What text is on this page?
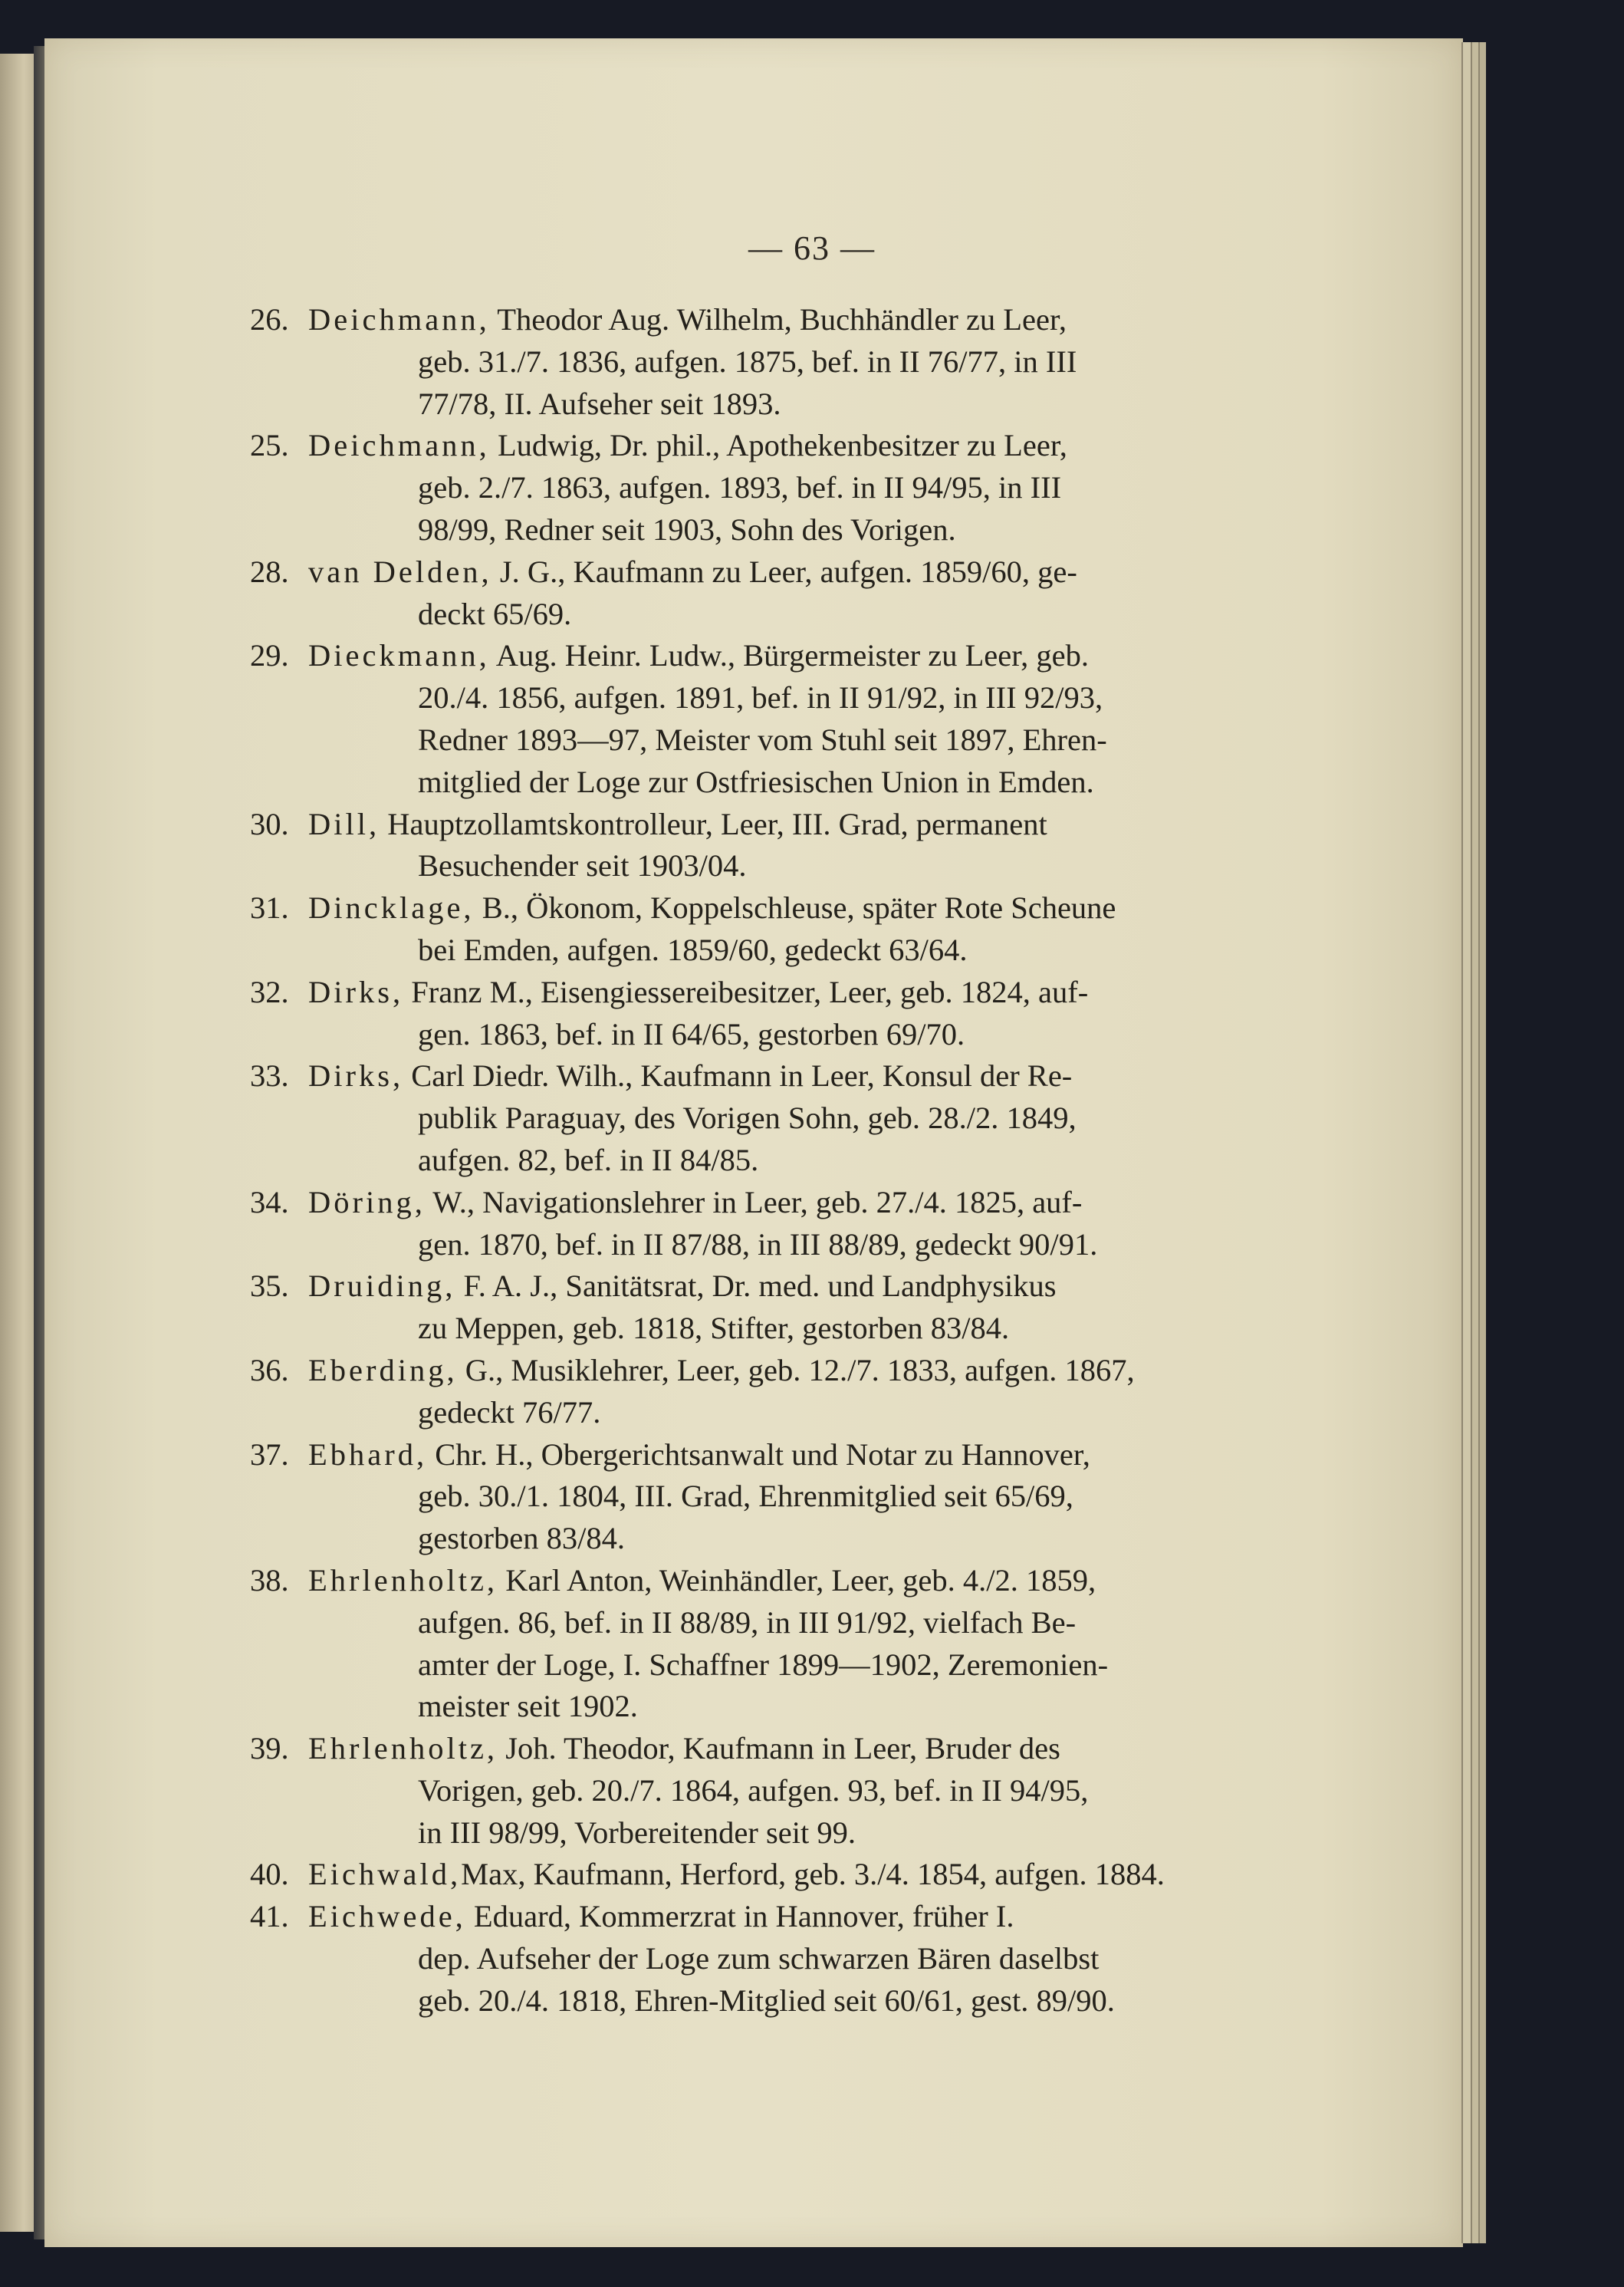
— 63 —
26. Deichmann, Theodor Aug. Wilhelm, Buchhändler zu Leer,
geb. 31./7. 1836, aufgen. 1875, bef. in II 76/77, in III
77/78, II. Aufseher seit 1893.
25. Deichmann, Ludwig, Dr. phil., Apothekenbesitzer zu Leer,
geb. 2./7. 1863, aufgen. 1893, bef. in II 94/95, in III
98/99, Redner seit 1903, Sohn des Vorigen.
28. van Delden, J. G., Kaufmann zu Leer, aufgen. 1859/60, ge-
deckt 65/69.
29. Dieckmann, Aug. Heinr. Ludw., Bürgermeister zu Leer, geb.
20./4. 1856, aufgen. 1891, bef. in II 91/92, in III 92/93,
Redner 1893—97, Meister vom Stuhl seit 1897, Ehren-
mitglied der Loge zur Ostfriesischen Union in Emden.
30. Dill, Hauptzollamtskontrolleur, Leer, III. Grad, permanent
Besuchender seit 1903/04.
31. Dincklage, B., Ökonom, Koppelschleuse, später Rote Scheune
bei Emden, aufgen. 1859/60, gedeckt 63/64.
32. Dirks, Franz M., Eisengiessereibesitzer, Leer, geb. 1824, auf-
gen. 1863, bef. in II 64/65, gestorben 69/70.
33. Dirks, Carl Diedr. Wilh., Kaufmann in Leer, Konsul der Re-
publik Paraguay, des Vorigen Sohn, geb. 28./2. 1849,
aufgen. 82, bef. in II 84/85.
34. Döring, W., Navigationslehrer in Leer, geb. 27./4. 1825, auf-
gen. 1870, bef. in II 87/88, in III 88/89, gedeckt 90/91.
35. Druiding, F. A. J., Sanitätsrat, Dr. med. und Landphysikus
zu Meppen, geb. 1818, Stifter, gestorben 83/84.
36. Eberding, G., Musiklehrer, Leer, geb. 12./7. 1833, aufgen. 1867,
gedeckt 76/77.
37. Ebhard, Chr. H., Obergerichtsanwalt und Notar zu Hannover,
geb. 30./1. 1804, III. Grad, Ehrenmitglied seit 65/69,
gestorben 83/84.
38. Ehrlenholtz, Karl Anton, Weinhändler, Leer, geb. 4./2. 1859,
aufgen. 86, bef. in II 88/89, in III 91/92, vielfach Be-
amter der Loge, I. Schaffner 1899—1902, Zeremonien-
meister seit 1902.
39. Ehrlenholtz, Joh. Theodor, Kaufmann in Leer, Bruder des
Vorigen, geb. 20./7. 1864, aufgen. 93, bef. in II 94/95,
in III 98/99, Vorbereitender seit 99.
40. Eichwald,Max, Kaufmann, Herford, geb. 3./4. 1854, aufgen. 1884.
41. Eichwede, Eduard, Kommerzrat in Hannover, früher I.
dep. Aufseher der Loge zum schwarzen Bären daselbst
geb. 20./4. 1818, Ehren-Mitglied seit 60/61, gest. 89/90.
